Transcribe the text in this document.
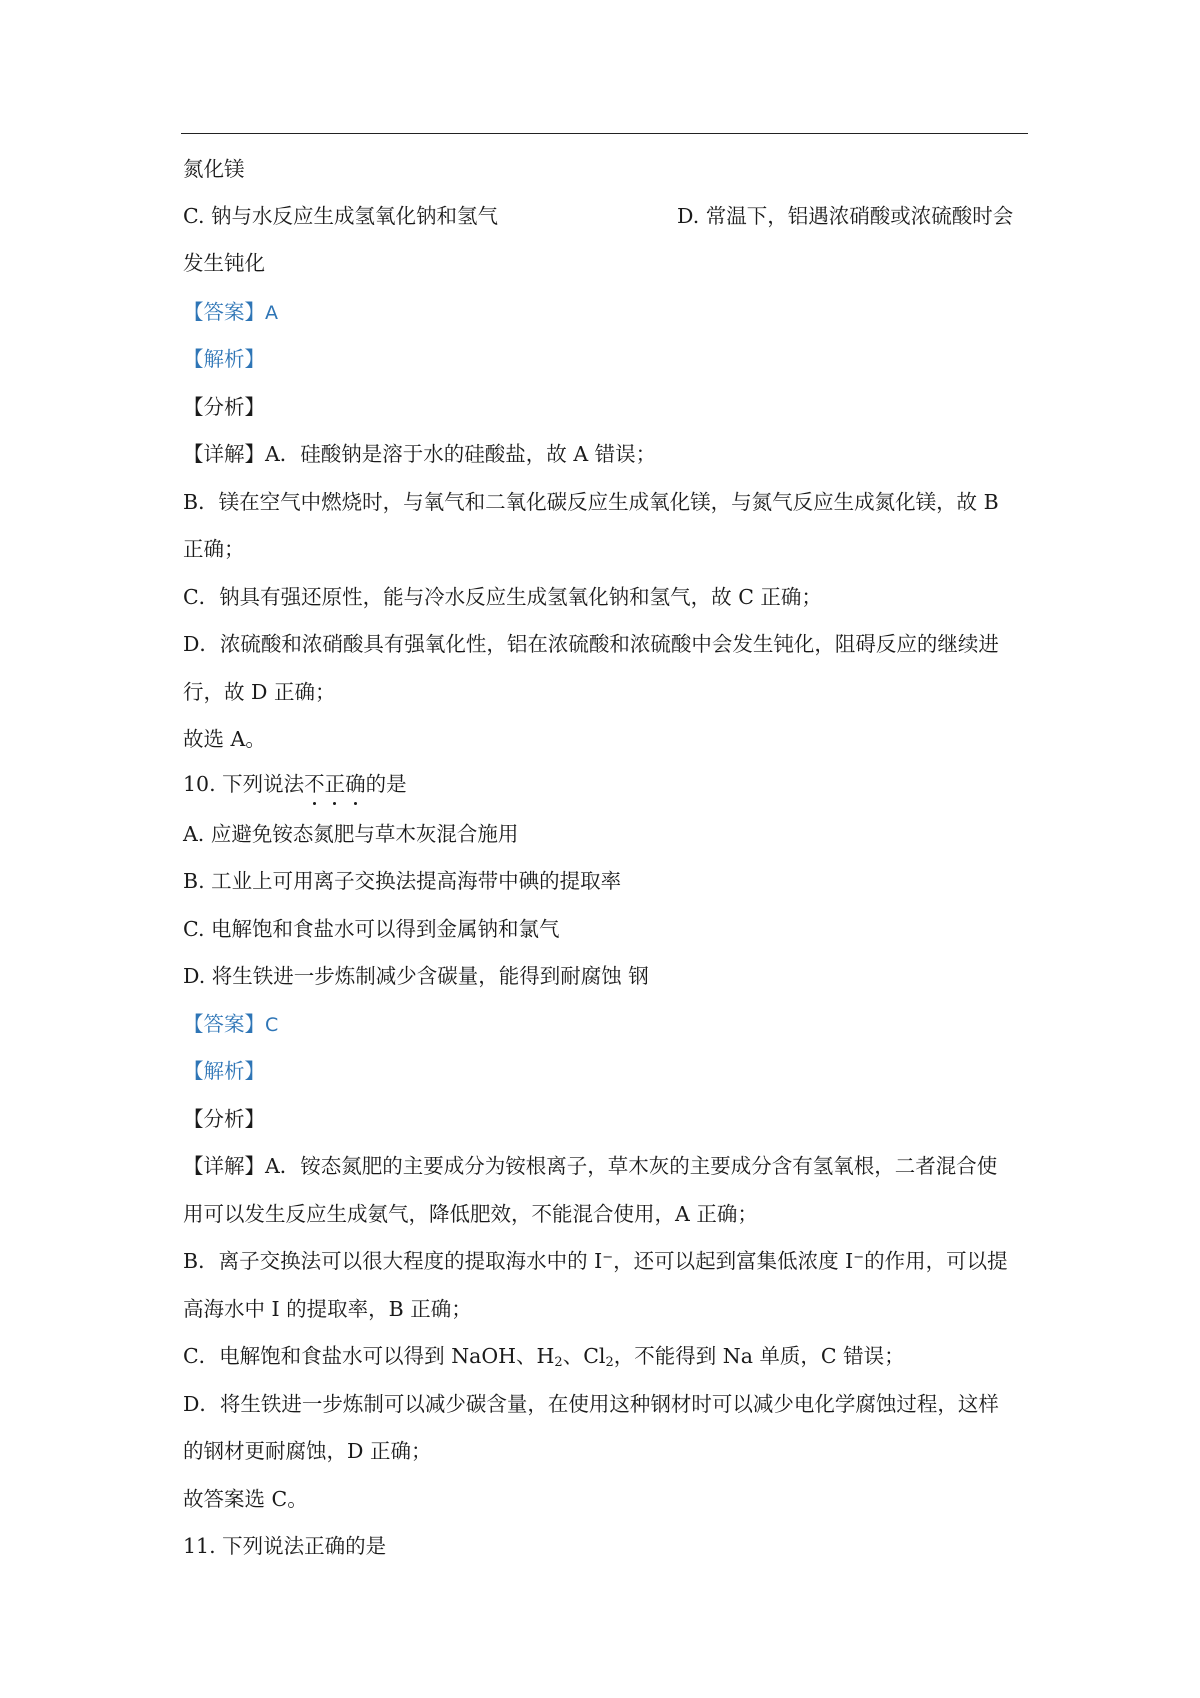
氮化镁
C. 钠与水反应生成氢氧化钠和氢气	D. 常温下，铝遇浓硝酸或浓硫酸时会
发生钝化
【答案】A
【解析】
【分析】
【详解】A．硅酸钠是溶于水的硅酸盐，故 A 错误；
B．镁在空气中燃烧时，与氧气和二氧化碳反应生成氧化镁，与氮气反应生成氮化镁，故 B
正确；
C．钠具有强还原性，能与冷水反应生成氢氧化钠和氢气，故 C 正确；
D．浓硫酸和浓硝酸具有强氧化性，铝在浓硫酸和浓硫酸中会发生钝化，阻碍反应的继续进
行，故 D 正确；
故选 A。
10. 下列说法不正确的是
A. 应避免铵态氮肥与草木灰混合施用
B. 工业上可用离子交换法提高海带中碘的提取率
C. 电解饱和食盐水可以得到金属钠和氯气
D. 将生铁进一步炼制减少含碳量，能得到耐腐蚀 钢
【答案】C
【解析】
【分析】
【详解】A．铵态氮肥的主要成分为铵根离子，草木灰的主要成分含有氢氧根，二者混合使
用可以发生反应生成氨气，降低肥效，不能混合使用，A 正确；
B．离子交换法可以很大程度的提取海水中的 I−，还可以起到富集低浓度 I−的作用，可以提
高海水中 I 的提取率，B 正确；
C．电解饱和食盐水可以得到 NaOH、$H_2$、$Cl_2$，不能得到 Na 单质，C 错误；
D．将生铁进一步炼制可以减少碳含量，在使用这种钢材时可以减少电化学腐蚀过程，这样
的钢材更耐腐蚀，D 正确；
故答案选 C。
11. 下列说法正确的是
